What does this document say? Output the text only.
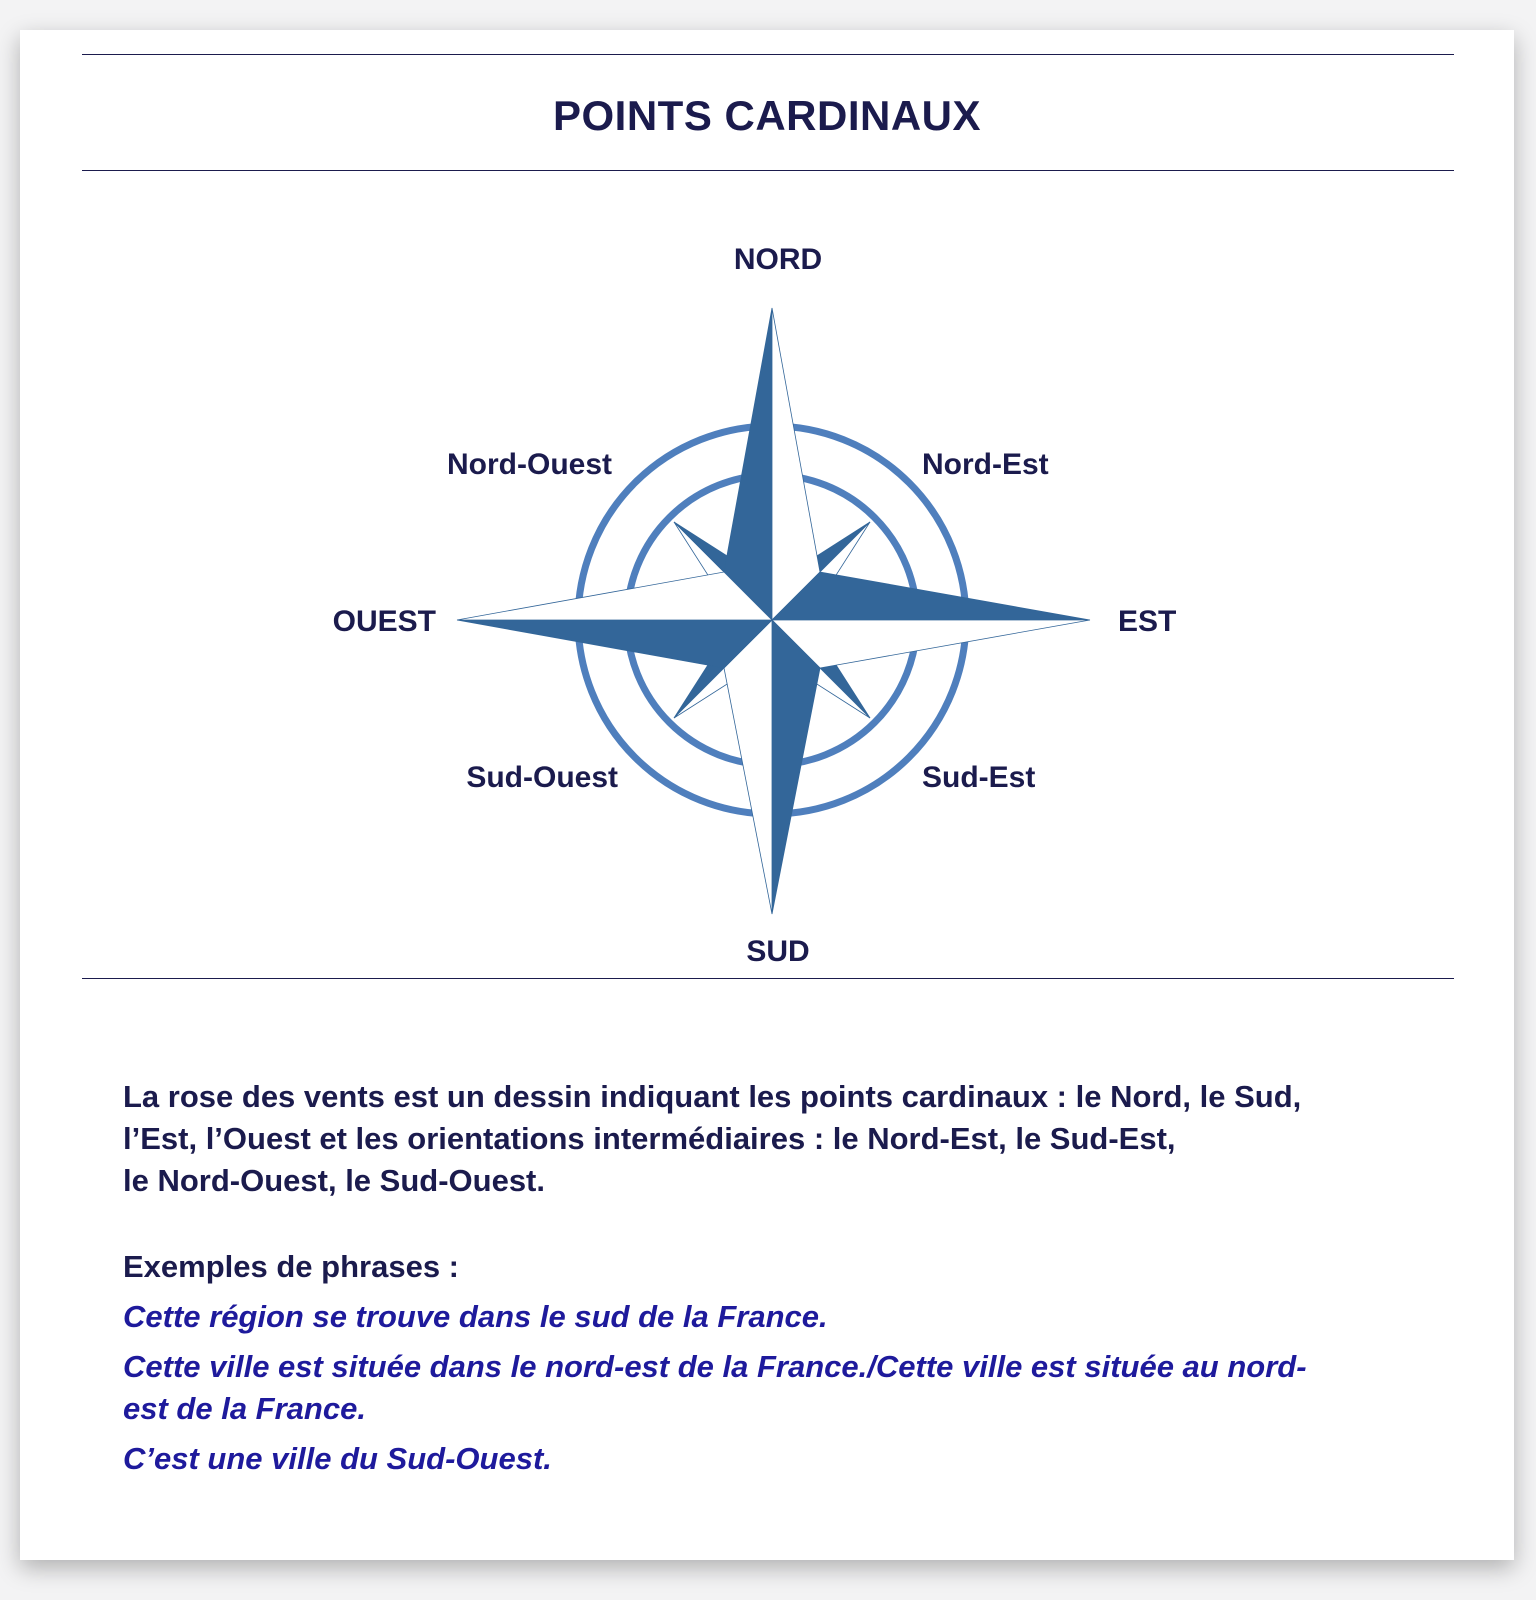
POINTS CARDINAUX
NORD
SUD
EST
OUEST
Nord-Est
Nord-Ouest
Sud-Est
Sud-Ouest

La rose des vents est un dessin indiquant les points cardinaux : le Nord, le Sud,

l’Est, l’Ouest et les orientations intermédiaires : le Nord-Est, le Sud-Est,

le Nord-Ouest, le Sud-Ouest.

Exemples de phrases :
Cette région se trouve dans le sud de la France.
Cette ville est située dans le nord-est de la France./Cette ville est située au nord-est de la France.
C’est une ville du Sud-Ouest.
